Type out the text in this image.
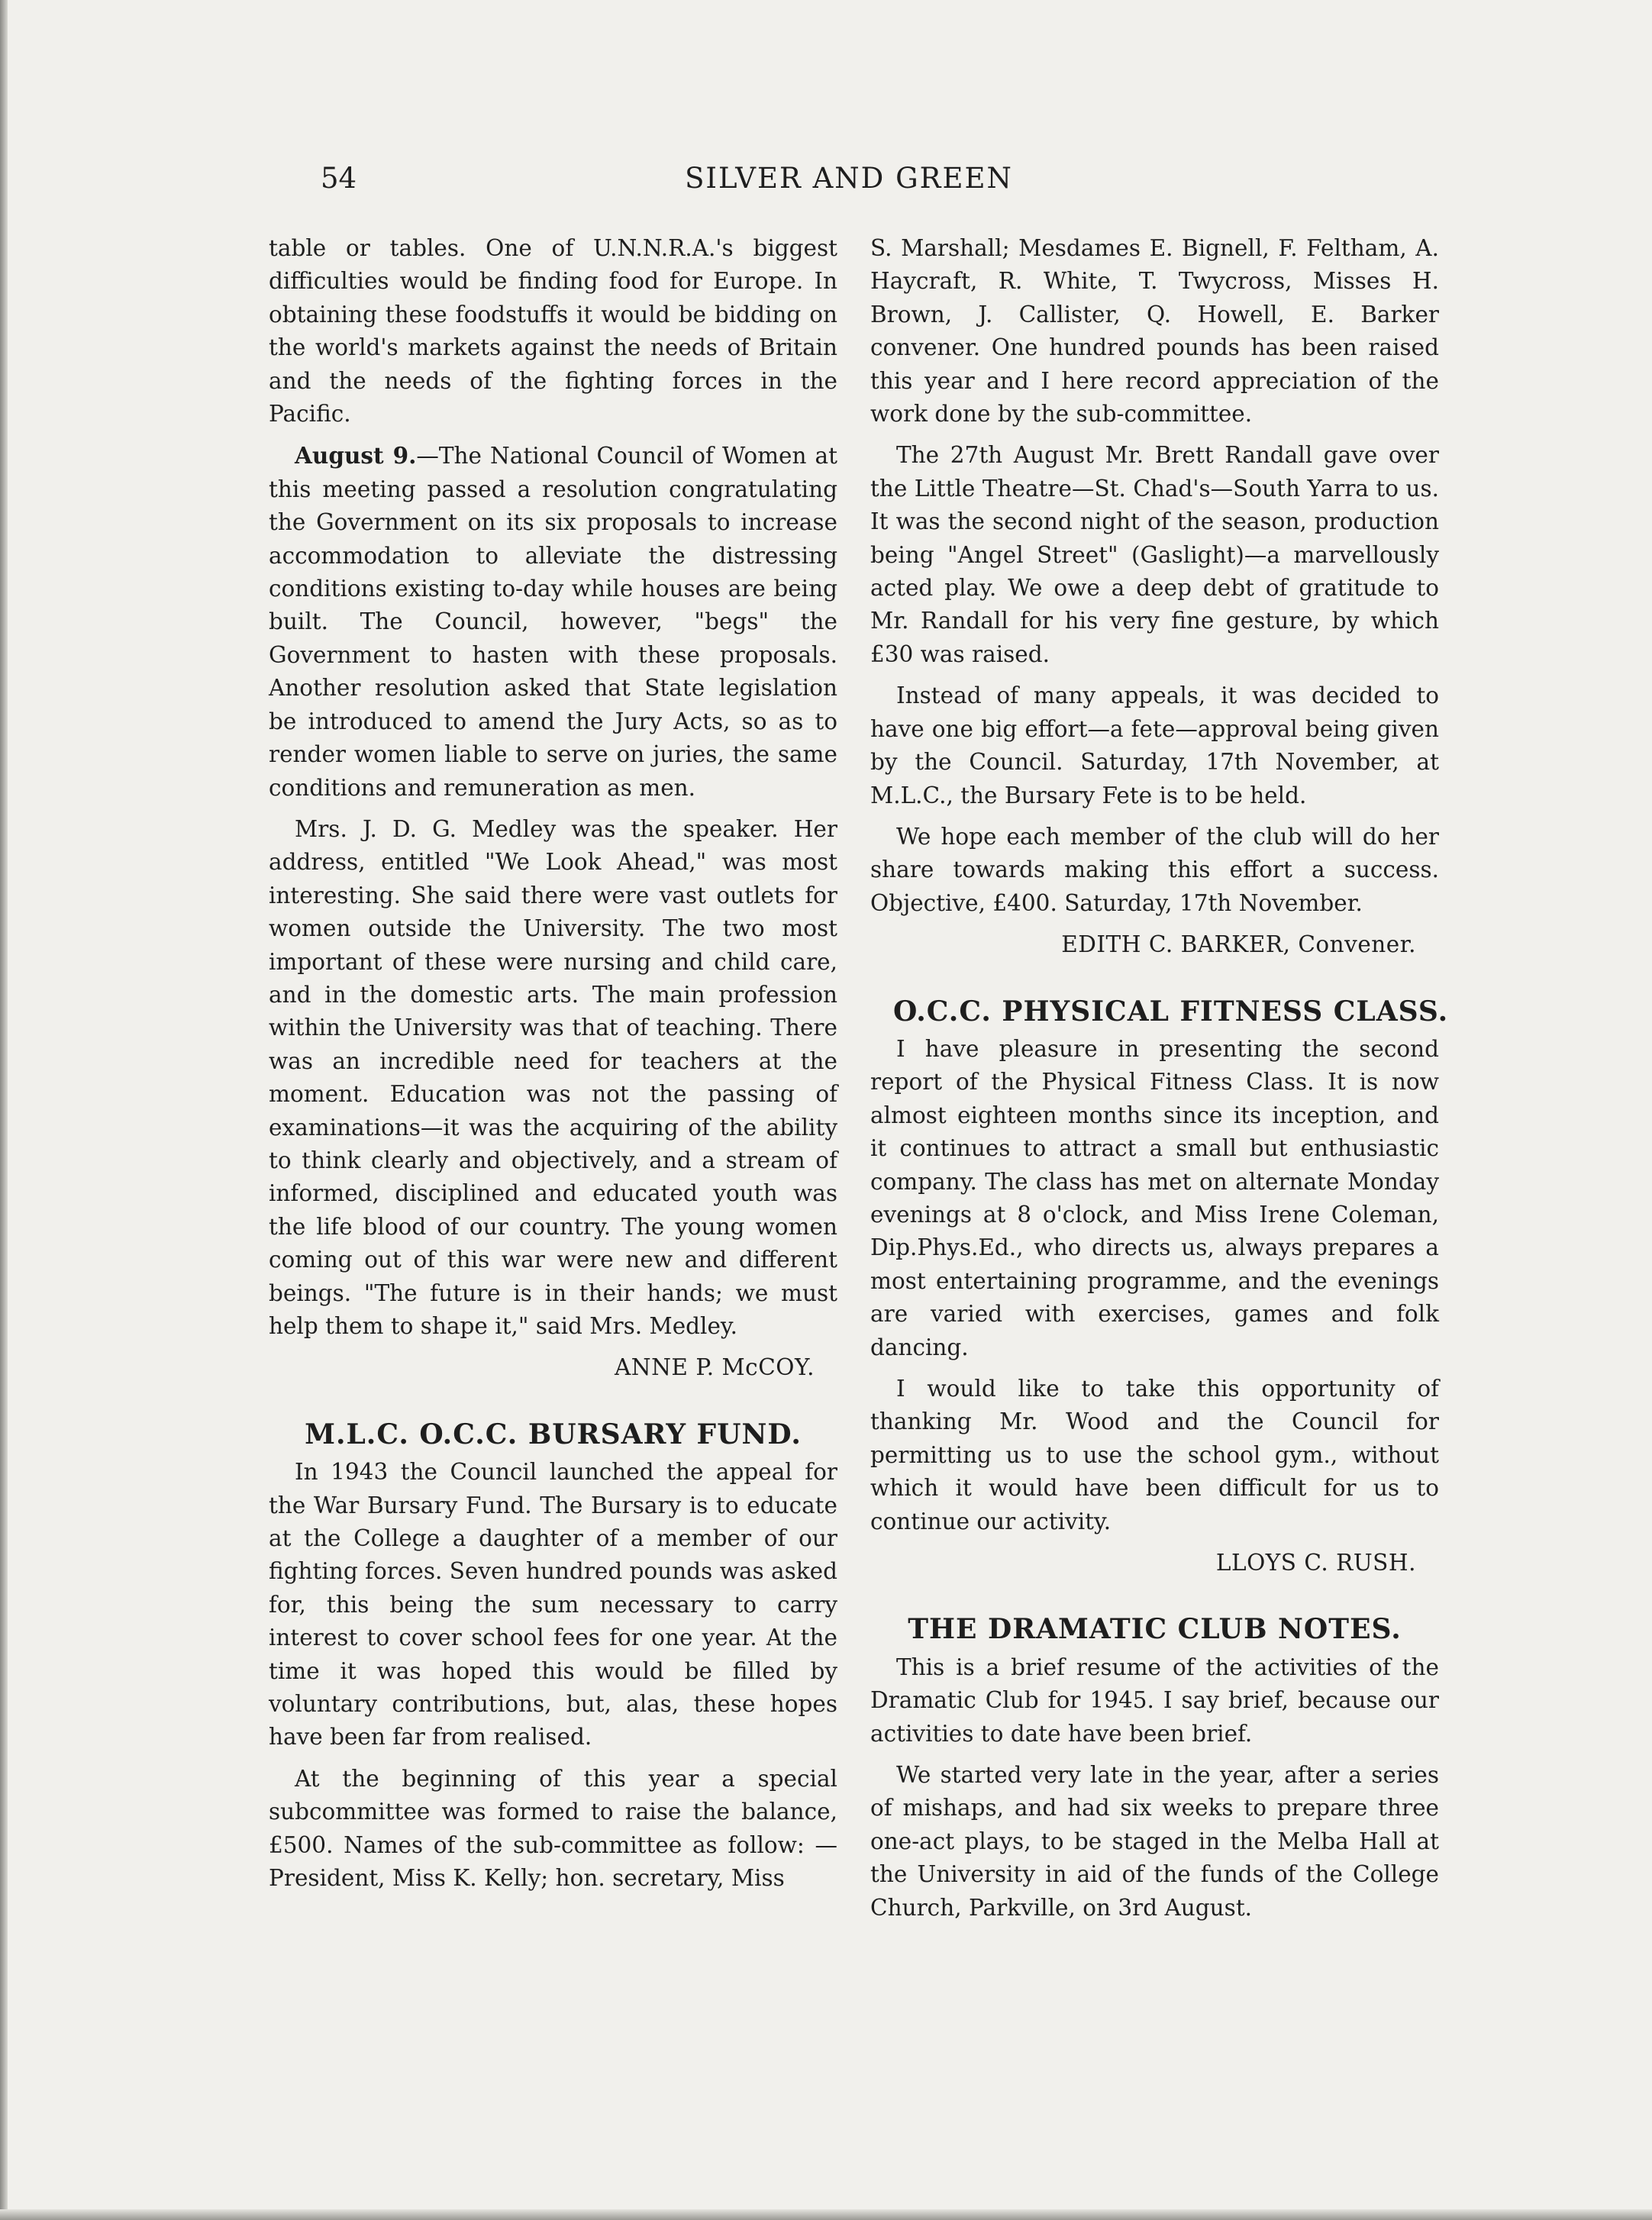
54	SILVER AND GREEN

table or tables. One of U.N.N.R.A.'s biggest difficulties would be finding food for Europe. In obtaining these foodstuffs it would be bidding on the world's markets against the needs of Britain and the needs of the fighting forces in the Pacific.

August 9.—The National Council of Women at this meeting passed a resolution congratulating the Government on its six proposals to increase accommodation to alleviate the distressing conditions existing to-day while houses are being built. The Council, however, "begs" the Government to hasten with these proposals. Another resolution asked that State legislation be introduced to amend the Jury Acts, so as to render women liable to serve on juries, the same conditions and remuneration as men.

Mrs. J. D. G. Medley was the speaker. Her address, entitled "We Look Ahead," was most interesting. She said there were vast outlets for women outside the University. The two most important of these were nursing and child care, and in the domestic arts. The main profession within the University was that of teaching. There was an incredible need for teachers at the moment. Education was not the passing of examinations—it was the acquiring of the ability to think clearly and objectively, and a stream of informed, disciplined and educated youth was the life blood of our country. The young women coming out of this war were new and different beings. "The future is in their hands; we must help them to shape it," said Mrs. Medley.

ANNE P. McCOY.
M.L.C. O.C.C. BURSARY FUND.

In 1943 the Council launched the appeal for the War Bursary Fund. The Bursary is to educate at the College a daughter of a member of our fighting forces. Seven hundred pounds was asked for, this being the sum necessary to carry interest to cover school fees for one year. At the time it was hoped this would be filled by voluntary contributions, but, alas, these hopes have been far from realised.

At the beginning of this year a special subcommittee was formed to raise the balance, £500. Names of the sub-committee as follow: —President, Miss K. Kelly; hon. secretary, Miss

S. Marshall; Mesdames E. Bignell, F. Feltham, A. Haycraft, R. White, T. Twycross, Misses H. Brown, J. Callister, Q. Howell, E. Barker convener. One hundred pounds has been raised this year and I here record appreciation of the work done by the sub-committee.

The 27th August Mr. Brett Randall gave over the Little Theatre—St. Chad's—South Yarra to us. It was the second night of the season, production being "Angel Street" (Gaslight)—a marvellously acted play. We owe a deep debt of gratitude to Mr. Randall for his very fine gesture, by which £30 was raised.

Instead of many appeals, it was decided to have one big effort—a fete—approval being given by the Council. Saturday, 17th November, at M.L.C., the Bursary Fete is to be held.

We hope each member of the club will do her share towards making this effort a success. Objective, £400. Saturday, 17th November.

EDITH C. BARKER, Convener.
O.C.C. PHYSICAL FITNESS CLASS.

I have pleasure in presenting the second report of the Physical Fitness Class. It is now almost eighteen months since its inception, and it continues to attract a small but enthusiastic company. The class has met on alternate Monday evenings at 8 o'clock, and Miss Irene Coleman, Dip.Phys.Ed., who directs us, always prepares a most entertaining programme, and the evenings are varied with exercises, games and folk dancing.

I would like to take this opportunity of thanking Mr. Wood and the Council for permitting us to use the school gym., without which it would have been difficult for us to continue our activity.

LLOYS C. RUSH.
THE DRAMATIC CLUB NOTES.

This is a brief resume of the activities of the Dramatic Club for 1945. I say brief, because our activities to date have been brief.

We started very late in the year, after a series of mishaps, and had six weeks to prepare three one-act plays, to be staged in the Melba Hall at the University in aid of the funds of the College Church, Parkville, on 3rd August.
